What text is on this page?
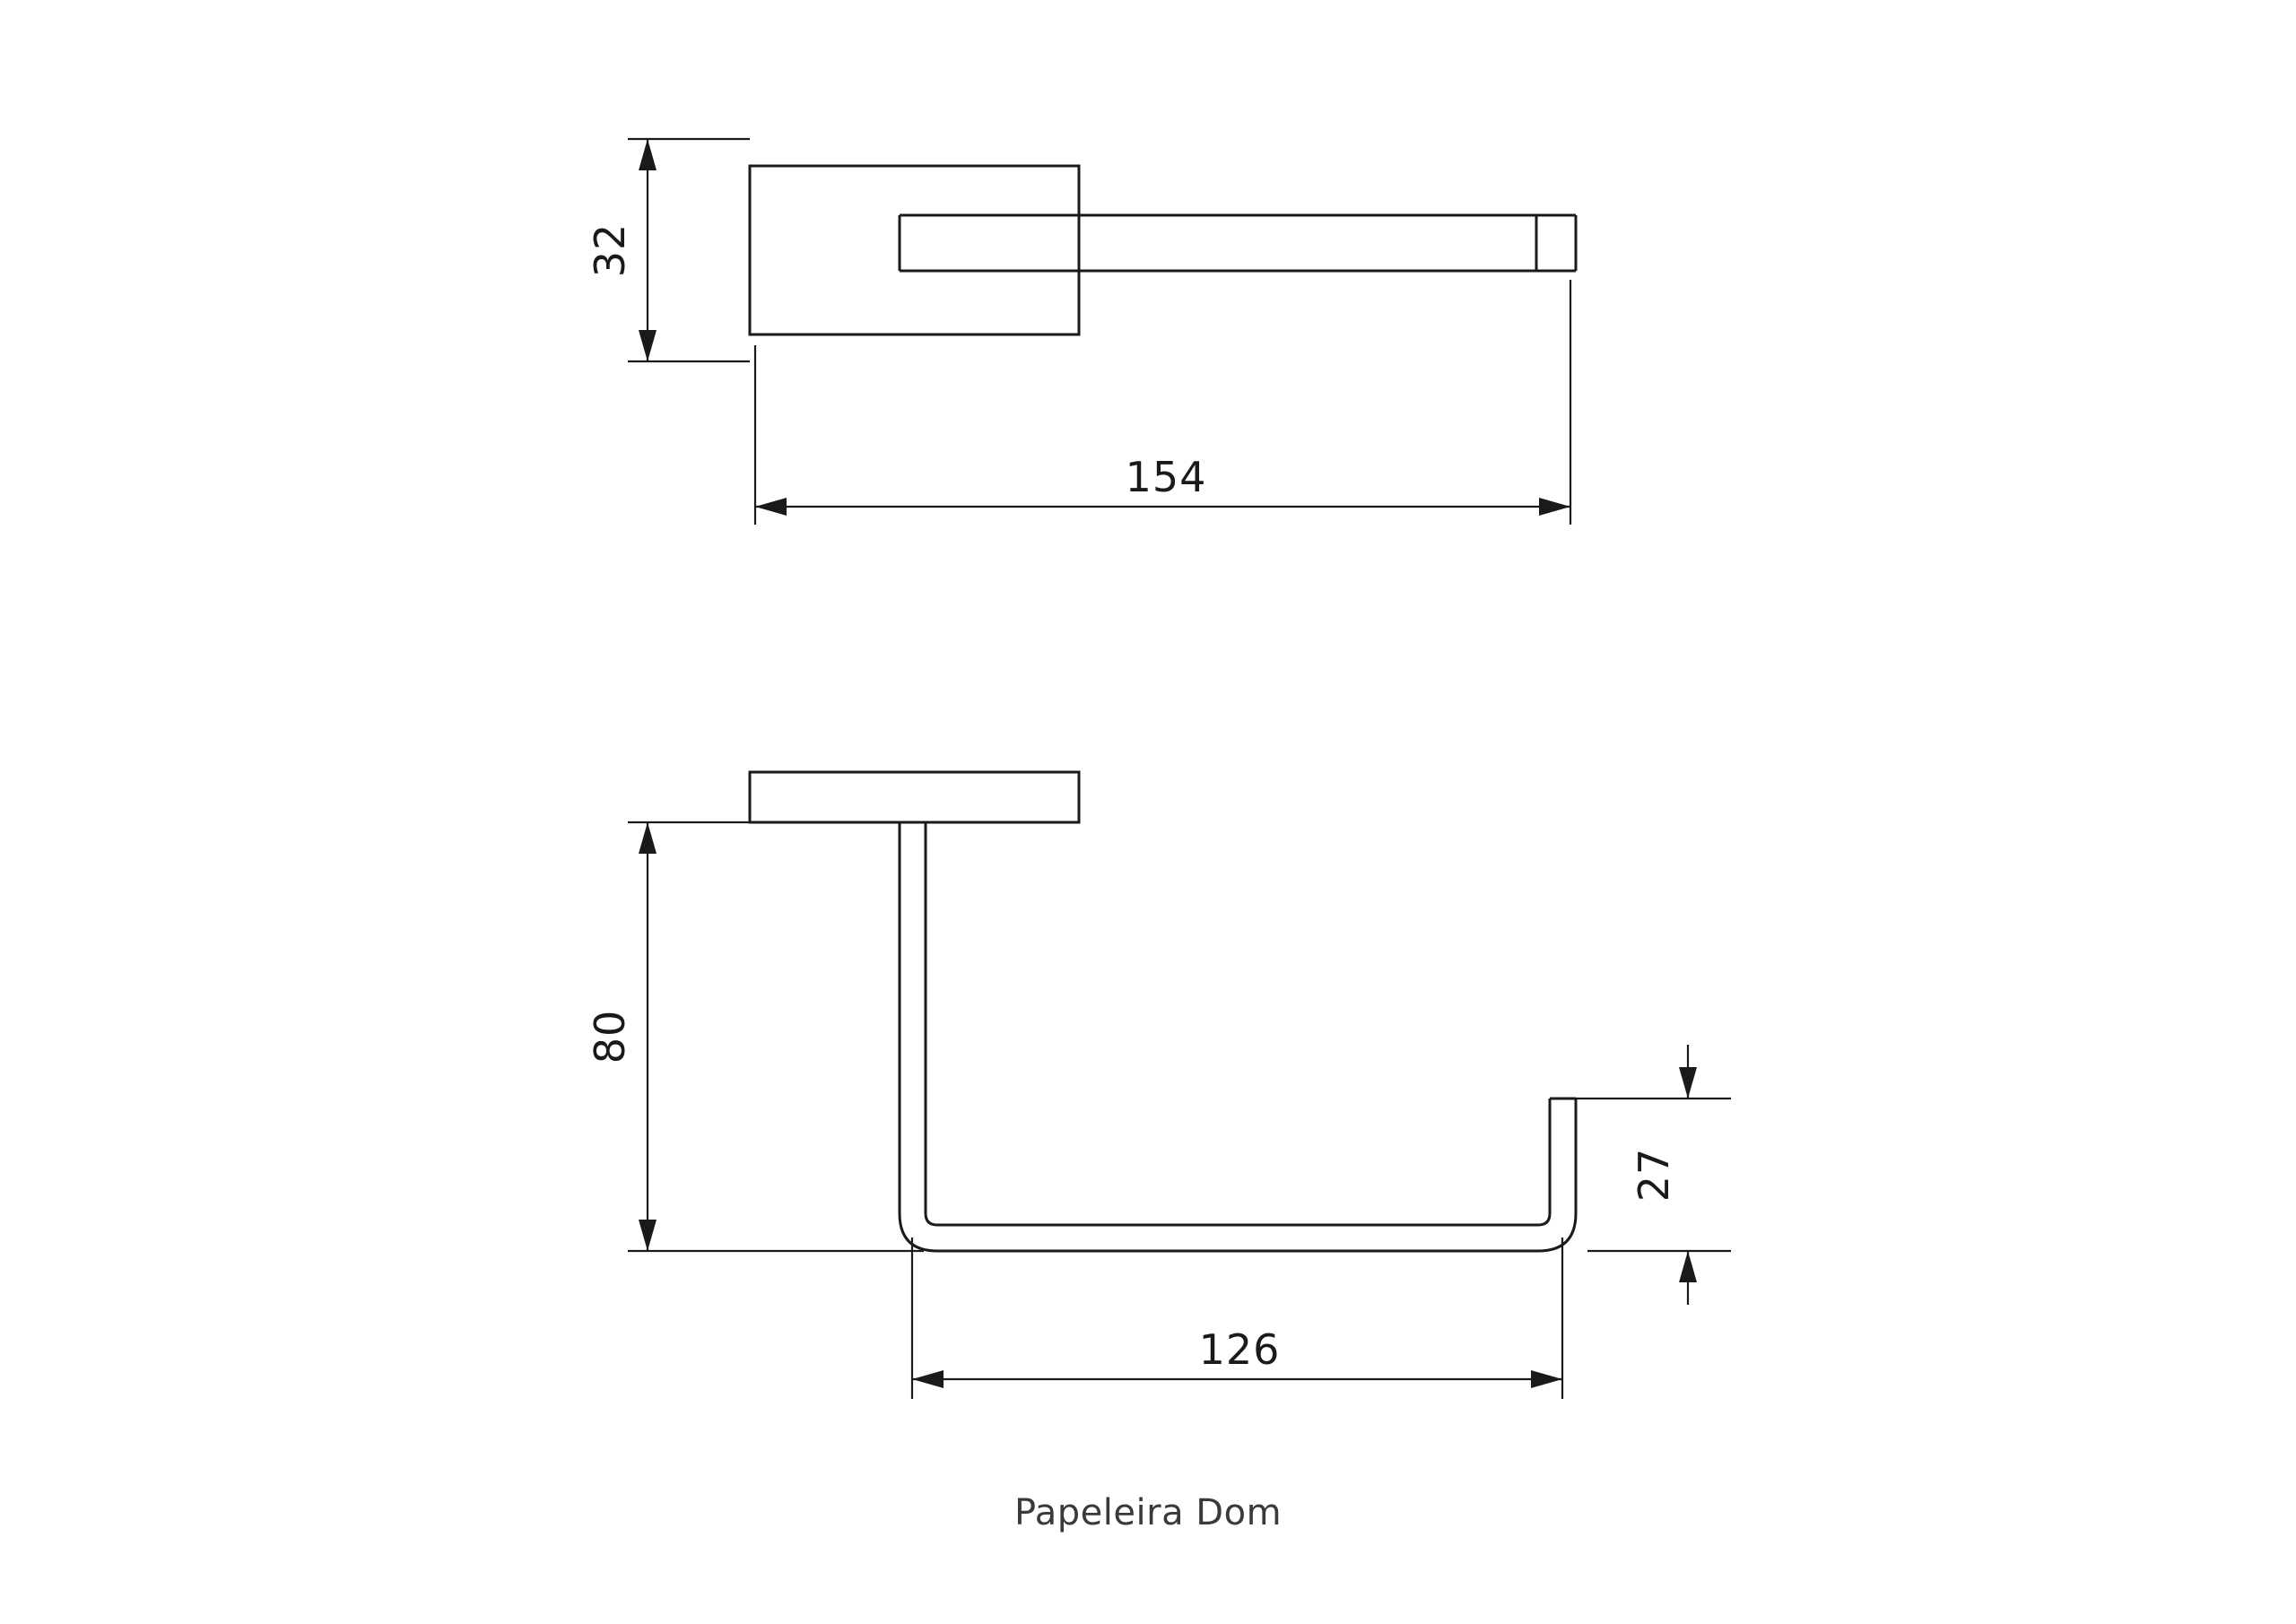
32
154
80
126
27
Papeleira Dom
